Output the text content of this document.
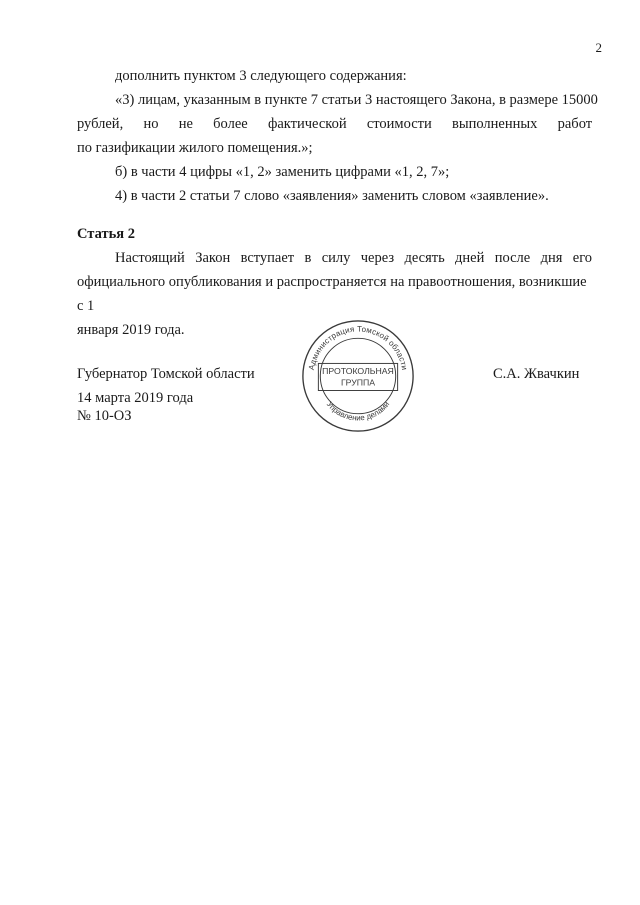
2

дополнить пунктом 3 следующего содержания:

«3) лицам, указанным в пункте 7 статьи 3 настоящего Закона, в размере 15000

рублей, но не более фактической стоимости выполненных работ

по газификации жилого помещения.»;

б) в части 4 цифры «1, 2» заменить цифрами «1, 2, 7»;

4) в части 2 статьи 7 слово «заявления» заменить словом «заявление».

Статья 2

Настоящий Закон вступает в силу через десять дней после дня его

официального опубликования и распространяется на правоотношения, возникшие с 1

января 2019 года.

Губернатор Томской области	С.А. Жвачкин
14 марта 2019 года
№ 10-ОЗ
Администрация Томской области
ПРОТОКОЛЬНАЯ
ГРУППА
Управление делами
